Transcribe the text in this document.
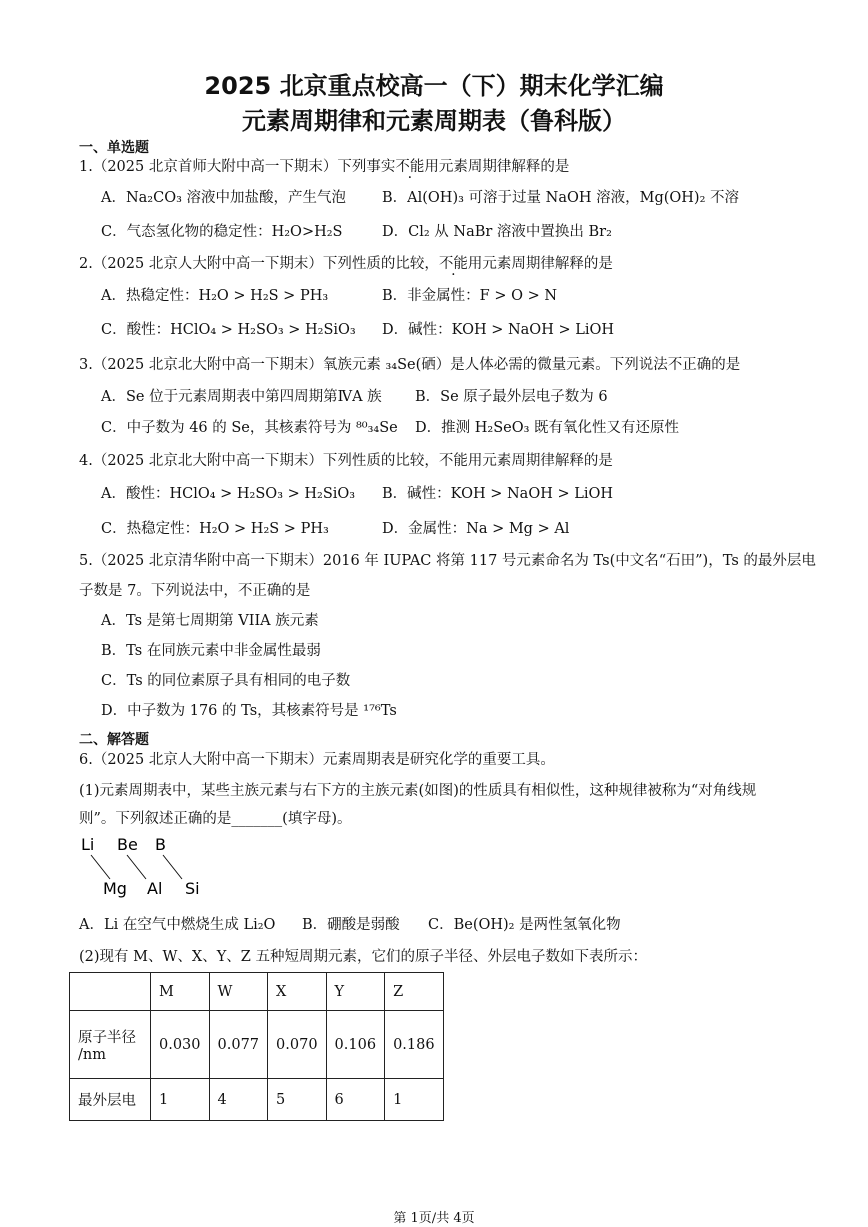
2025 北京重点校高一（下）期末化学汇编
元素周期律和元素周期表（鲁科版）
一、单选题
1.（2025 北京首师大附中高一下期末）下列事实不能用元素周期律解释的是
A．Na₂CO₃ 溶液中加盐酸，产生气泡 B．Al(OH)₃ 可溶于过量 NaOH 溶液，Mg(OH)₂ 不溶
C．气态氢化物的稳定性：H₂O>H₂S	D．Cl₂ 从 NaBr 溶液中置换出 Br₂
2.（2025 北京人大附中高一下期末）下列性质的比较，不能用元素周期律解释的是
A．热稳定性：H₂O > H₂S > PH₃	B．非金属性：F > O > N
C．酸性：HClO₄ > H₂SO₃ > H₂SiO₃ D．碱性：KOH > NaOH > LiOH
3.（2025 北京北大附中高一下期末）氧族元素 ₃₄Se(硒）是人体必需的微量元素。下列说法不正确的是
A．Se 位于元素周期表中第四周期第ⅣA 族 B．Se 原子最外层电子数为 6
C．中子数为 46 的 Se，其核素符号为 ⁸⁰₃₄Se D．推测 H₂SeO₃ 既有氧化性又有还原性
4.（2025 北京北大附中高一下期末）下列性质的比较，不能用元素周期律解释的是
A．酸性：HClO₄ > H₂SO₃ > H₂SiO₃ B．碱性：KOH > NaOH > LiOH
C．热稳定性：H₂O > H₂S > PH₃	D．金属性：Na > Mg > Al
5.（2025 北京清华附中高一下期末）2016 年 IUPAC 将第 117 号元素命名为 Ts(中文名“石田”)，Ts 的最外层电
子数是 7。下列说法中，不正确的是
A．Ts 是第七周期第 VIIA 族元素
B．Ts 在同族元素中非金属性最弱
C．Ts 的同位素原子具有相同的电子数
D．中子数为 176 的 Ts，其核素符号是 ¹⁷⁶Ts
二、解答题
6.（2025 北京人大附中高一下期末）元素周期表是研究化学的重要工具。
(1)元素周期表中，某些主族元素与右下方的主族元素(如图)的性质具有相似性，这种规律被称为“对角线规
则”。下列叙述正确的是_______(填字母)。
Li Be B
Mg Al Si
A．Li 在空气中燃烧生成 Li₂O B．硼酸是弱酸 C．Be(OH)₂ 是两性氢氧化物
(2)现有 M、W、X、Y、Z 五种短周期元素，它们的原子半径、外层电子数如下表所示：
	M	W	X	Y	Z
原子半径
/nm	0.030	0.077	0.070	0.106	0.186
最外层电	1	4	5	6	1
第 1页/共 4页
